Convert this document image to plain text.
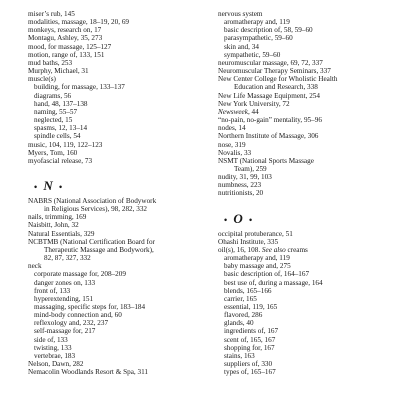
miser’s rub, 145
modalities, massage, 18–19, 20, 69
monkeys, research on, 17
Montagu, Ashley, 35, 273
mood, for massage, 125–127
motion, range of, 133, 151
mud baths, 253
Murphy, Michael, 31
muscle(s)
building, for massage, 133–137
diagrams, 56
hand, 48, 137–138
naming, 55–57
neglected, 15
spasms, 12, 13–14
spindle cells, 54
music, 104, 119, 122–123
Myers, Tom, 160
myofascial release, 73
• N •
NABRS (National Association of Bodywork
in Religious Services), 98, 282, 332
nails, trimming, 169
Naisbitt, John, 32
Natural Essentials, 329
NCBTMB (National Certification Board for
Therapeutic Massage and Bodywork),
82, 87, 327, 332
neck
corporate massage for, 208–209
danger zones on, 133
front of, 133
hyperextending, 151
massaging, specific steps for, 183–184
mind-body connection and, 60
reflexology and, 232, 237
self-massage for, 217
side of, 133
twisting, 133
vertebrae, 183
Nelson, Dawn, 282
Nemacolin Woodlands Resort & Spa, 311
nervous system
aromatherapy and, 119
basic description of, 58, 59–60
parasympathetic, 59–60
skin and, 34
sympathetic, 59–60
neuromuscular massage, 69, 72, 337
Neuromuscular Therapy Seminars, 337
New Center College for Wholistic Health
Education and Research, 338
New Life Massage Equipment, 254
New York University, 72
Newsweek, 44
“no-pain, no-gain” mentality, 95–96
nodes, 14
Northern Institute of Massage, 306
nose, 319
Novalis, 33
NSMT (National Sports Massage
Team), 259
nudity, 31, 99, 103
numbness, 223
nutritionists, 20
• O •
occipital protuberance, 51
Ohashi Institute, 335
oil(s), 16, 108. See also creams
aromatherapy and, 119
baby massage and, 275
basic description of, 164–167
best use of, during a massage, 164
blends, 165–166
carrier, 165
essential, 119, 165
flavored, 286
glands, 40
ingredients of, 167
scent of, 165, 167
shopping for, 167
stains, 163
suppliers of, 330
types of, 165–167
